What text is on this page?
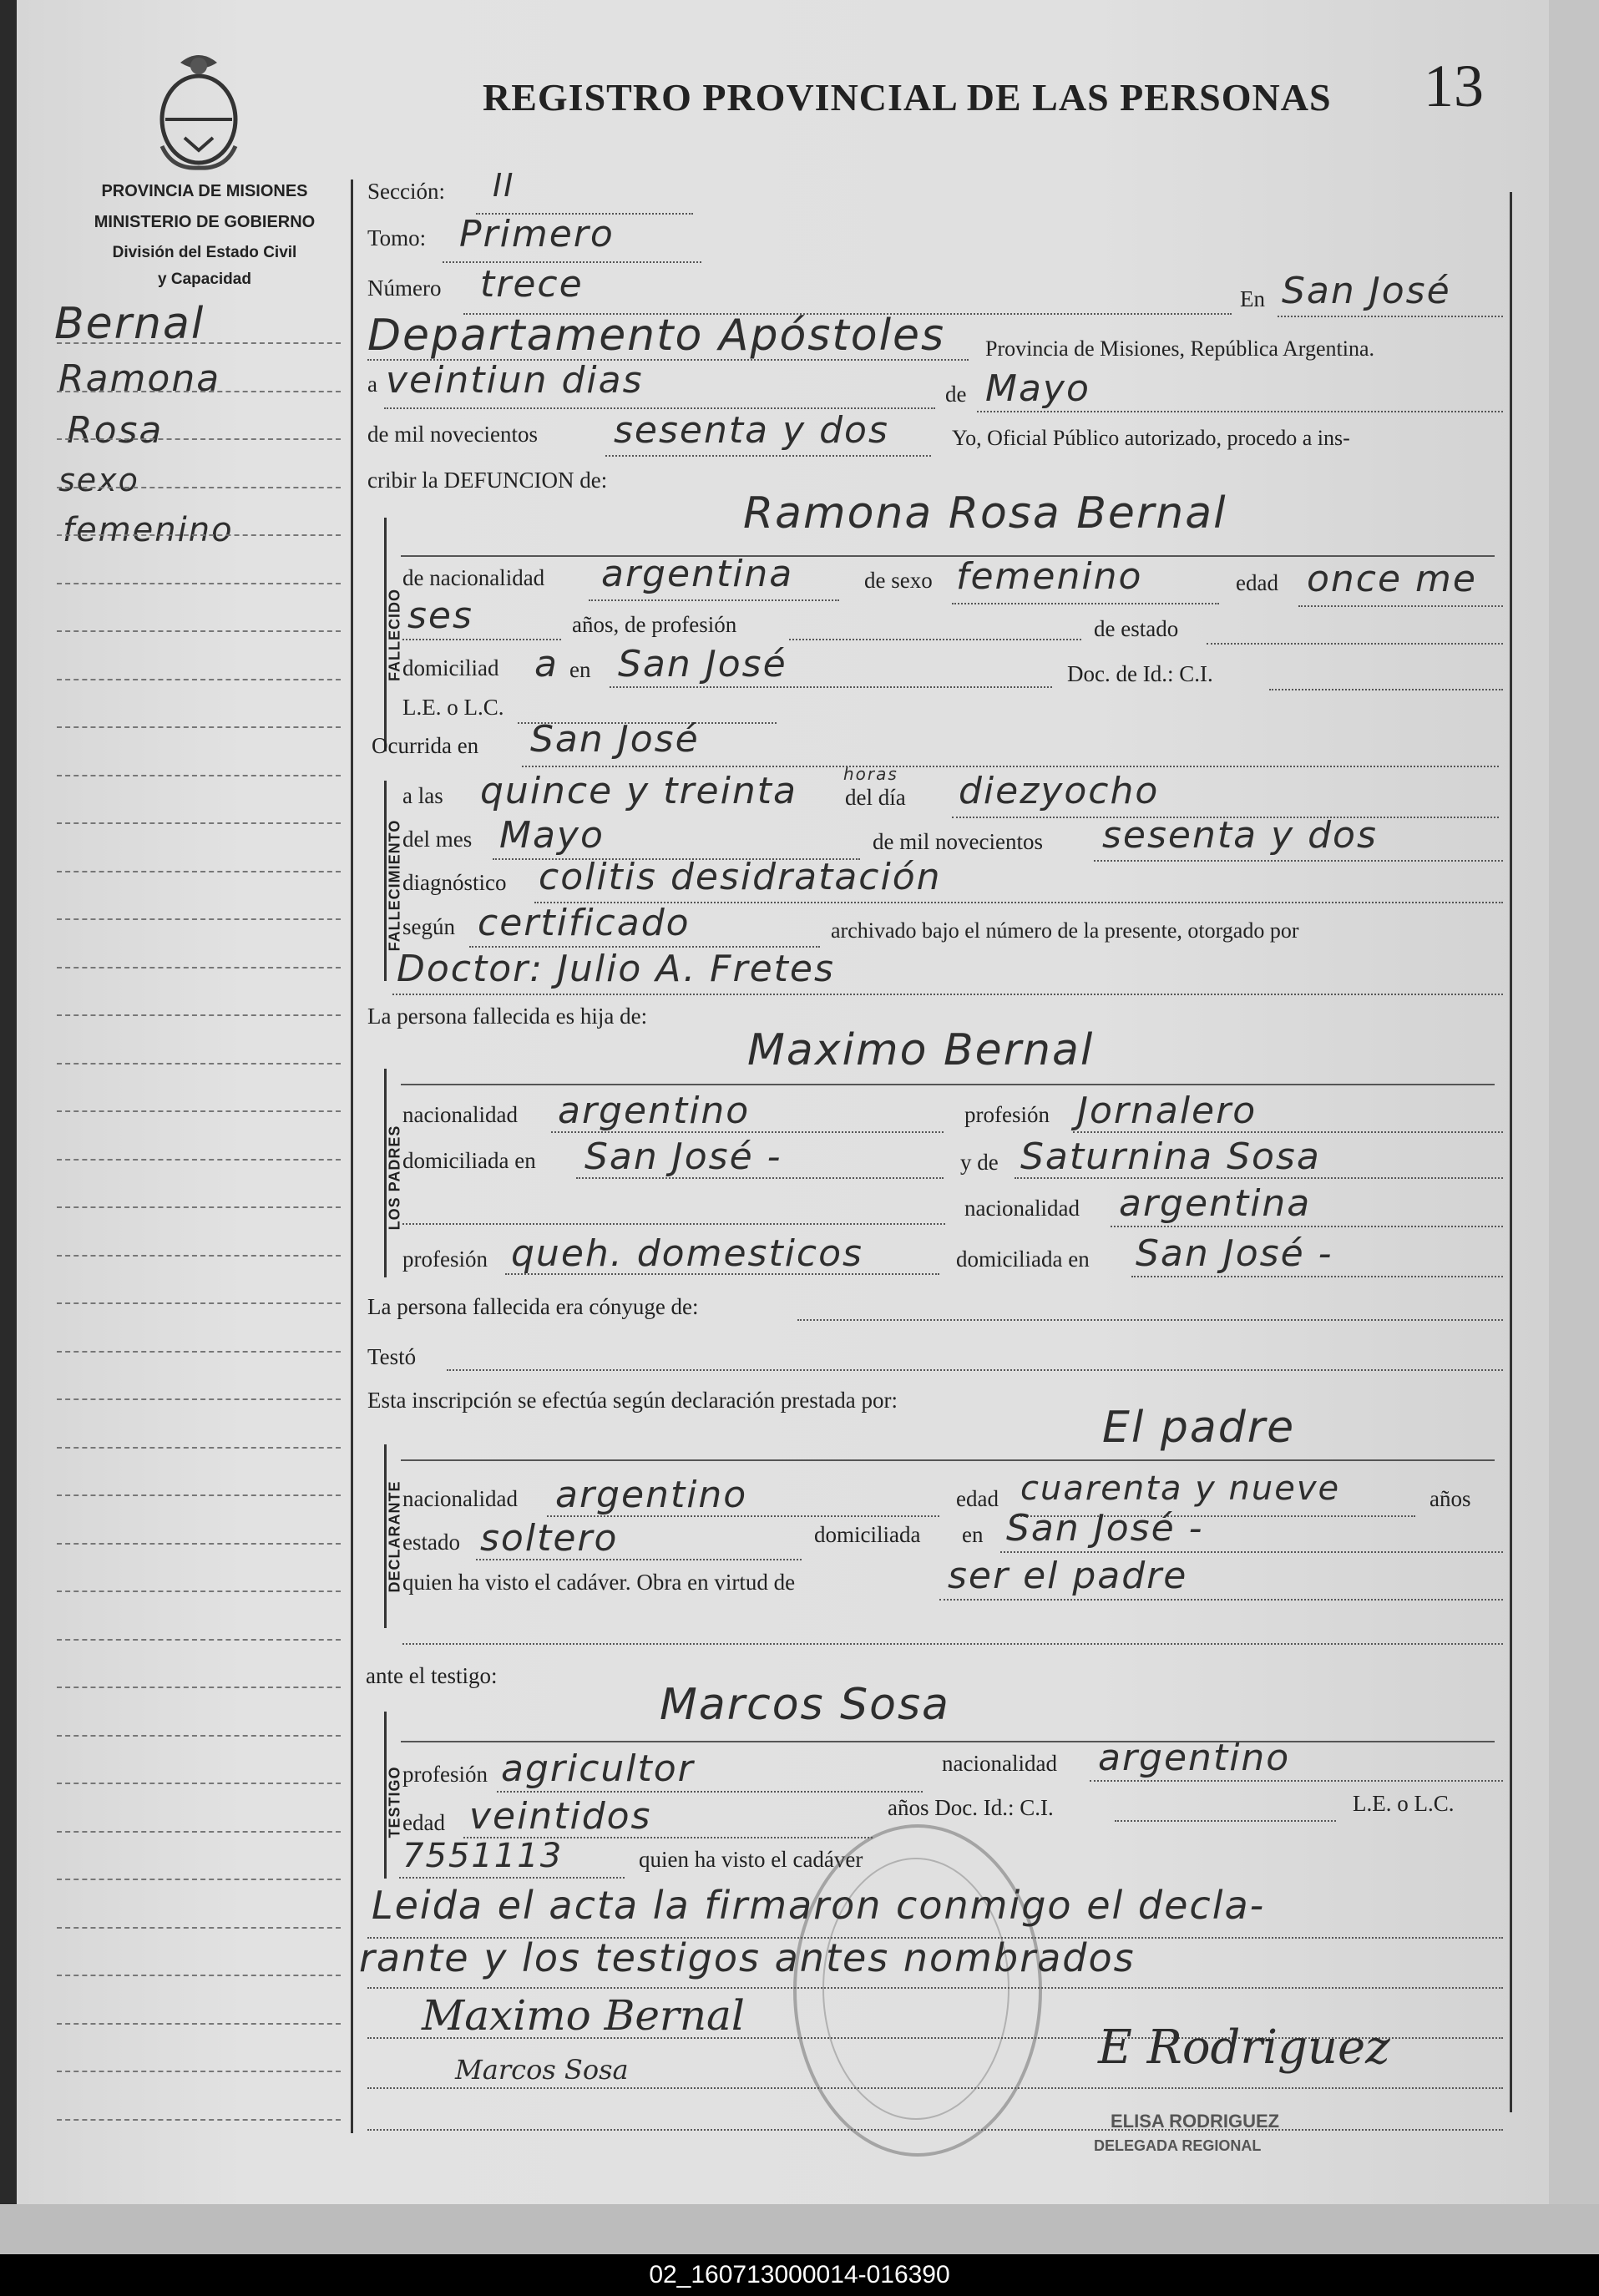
PROVINCIA DE MISIONES
MINISTERIO DE GOBIERNO
División del Estado Civil
y Capacidad
REGISTRO PROVINCIAL DE LAS PERSONAS 13
Bernal
Ramona
Rosa
sexo
femenino
FALLECIDO
FALLECIMIENTO
LOS PADRES
DECLARANTE
TESTIGO
Sección: II
Tomo: Primero
Número trece	En San José
Departamento Apóstoles Provincia de Misiones, República Argentina.
a veintiun dias	de Mayo
de mil novecientos sesenta y dos	Yo, Oficial Público autorizado, procedo a ins-
cribir la DEFUNCION de:
Ramona Rosa Bernal
de nacionalidad argentina	de sexo femenino	edad once me
ses	años, de profesión	de estado
domiciliad a en San José	Doc. de Id.: C.I.
L.E. o L.C.
Ocurrida en San José
a las quince y treinta	horas
del día diezyocho
del mes Mayo	de mil novecientos sesenta y dos
diagnóstico colitis desidratación
según certificado	archivado bajo el número de la presente, otorgado por
Doctor: Julio A. Fretes
La persona fallecida es hija de:
Maximo Bernal
nacionalidad argentino	profesión Jornalero
domiciliada en San José -	y de Saturnina Sosa
nacionalidad argentina
profesión queh. domesticos	domiciliada en San José -
La persona fallecida era cónyuge de:
Testó
Esta inscripción se efectúa según declaración prestada por:
El padre
nacionalidad argentino	edad cuarenta y nueve	años
estado soltero	domiciliada en San José -
quien ha visto el cadáver. Obra en virtud de	ser el padre
ante el testigo:
Marcos Sosa
profesión agricultor	nacionalidad argentino
edad veintidos	años Doc. Id.: C.I.	L.E. o L.C.
7551113	quien ha visto el cadáver
Leida el acta la firmaron conmigo el decla-
rante y los testigos antes nombrados
Maximo Bernal
Marcos Sosa	E Rodriguez
ELISA RODRIGUEZ
DELEGADA REGIONAL
02_160713000014-016390
